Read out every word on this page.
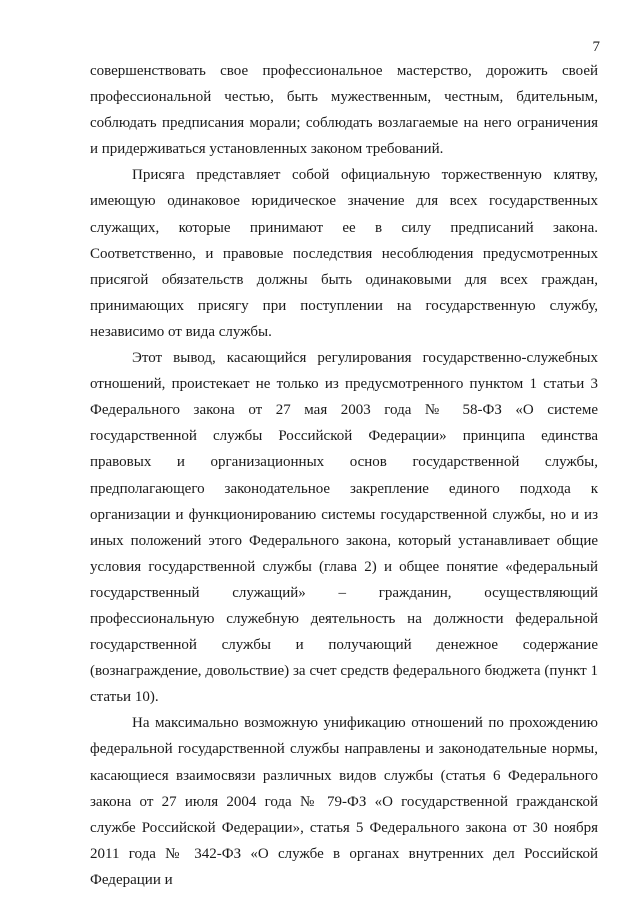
7

совершенствовать свое профессиональное мастерство, дорожить своей профессиональной честью, быть мужественным, честным, бдительным, соблюдать предписания морали; соблюдать возлагаемые на него ограничения и придерживаться установленных законом требований.

Присяга представляет собой официальную торжественную клятву, имеющую одинаковое юридическое значение для всех государственных служащих, которые принимают ее в силу предписаний закона. Соответственно, и правовые последствия несоблюдения предусмотренных присягой обязательств должны быть одинаковыми для всех граждан, принимающих присягу при поступлении на государственную службу, независимо от вида службы.

Этот вывод, касающийся регулирования государственно-служебных отношений, проистекает не только из предусмотренного пунктом 1 статьи 3 Федерального закона от 27 мая 2003 года № 58-ФЗ «О системе государственной службы Российской Федерации» принципа единства правовых и организационных основ государственной службы, предполагающего законодательное закрепление единого подхода к организации и функционированию системы государственной службы, но и из иных положений этого Федерального закона, который устанавливает общие условия государственной службы (глава 2) и общее понятие «федеральный государственный служащий» – гражданин, осуществляющий профессиональную служебную деятельность на должности федеральной государственной службы и получающий денежное содержание (вознаграждение, довольствие) за счет средств федерального бюджета (пункт 1 статьи 10).

На максимально возможную унификацию отношений по прохождению федеральной государственной службы направлены и законодательные нормы, касающиеся взаимосвязи различных видов службы (статья 6 Федерального закона от 27 июля 2004 года № 79-ФЗ «О государственной гражданской службе Российской Федерации», статья 5 Федерального закона от 30 ноября 2011 года № 342-ФЗ «О службе в органах внутренних дел Российской Федерации и
